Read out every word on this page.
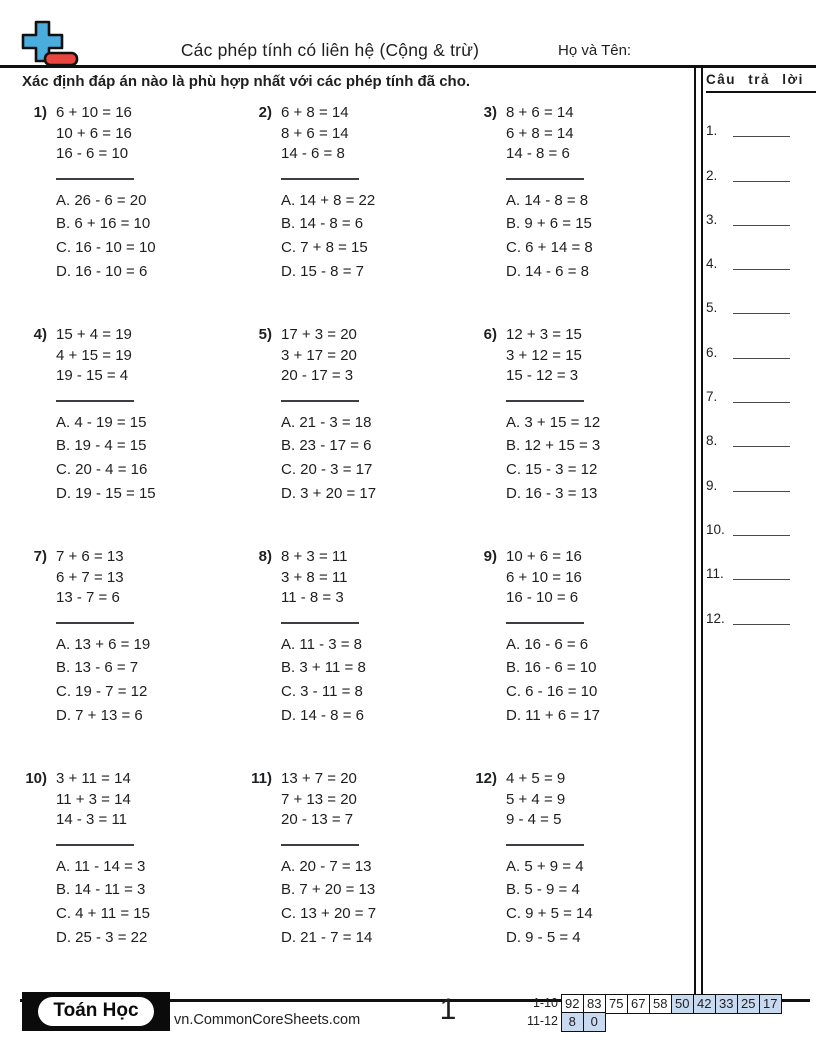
Các phép tính có liên hệ (Cộng & trừ)	Họ và Tên:
Xác định đáp án nào là phù hợp nhất với các phép tính đã cho.
1) 6 + 10 = 16
10 + 6 = 16
16 - 6 = 10
A. 26 - 6 = 20
B. 6 + 16 = 10
C. 16 - 10 = 10
D. 16 - 10 = 6
2) 6 + 8 = 14
8 + 6 = 14
14 - 6 = 8
A. 14 + 8 = 22
B. 14 - 8 = 6
C. 7 + 8 = 15
D. 15 - 8 = 7
3) 8 + 6 = 14
6 + 8 = 14
14 - 8 = 6
A. 14 - 8 = 8
B. 9 + 6 = 15
C. 6 + 14 = 8
D. 14 - 6 = 8
4) 15 + 4 = 19
4 + 15 = 19
19 - 15 = 4
A. 4 - 19 = 15
B. 19 - 4 = 15
C. 20 - 4 = 16
D. 19 - 15 = 15
5) 17 + 3 = 20
3 + 17 = 20
20 - 17 = 3
A. 21 - 3 = 18
B. 23 - 17 = 6
C. 20 - 3 = 17
D. 3 + 20 = 17
6) 12 + 3 = 15
3 + 12 = 15
15 - 12 = 3
A. 3 + 15 = 12
B. 12 + 15 = 3
C. 15 - 3 = 12
D. 16 - 3 = 13
7) 7 + 6 = 13
6 + 7 = 13
13 - 7 = 6
A. 13 + 6 = 19
B. 13 - 6 = 7
C. 19 - 7 = 12
D. 7 + 13 = 6
8) 8 + 3 = 11
3 + 8 = 11
11 - 8 = 3
A. 11 - 3 = 8
B. 3 + 11 = 8
C. 3 - 11 = 8
D. 14 - 8 = 6
9) 10 + 6 = 16
6 + 10 = 16
16 - 10 = 6
A. 16 - 6 = 6
B. 16 - 6 = 10
C. 6 - 16 = 10
D. 11 + 6 = 17
10) 3 + 11 = 14
11 + 3 = 14
14 - 3 = 11
A. 11 - 14 = 3
B. 14 - 11 = 3
C. 4 + 11 = 15
D. 25 - 3 = 22
11) 13 + 7 = 20
7 + 13 = 20
20 - 13 = 7
A. 20 - 7 = 13
B. 7 + 20 = 13
C. 13 + 20 = 7
D. 21 - 7 = 14
12) 4 + 5 = 9
5 + 4 = 9
9 - 4 = 5
A. 5 + 9 = 4
B. 5 - 9 = 4
C. 9 + 5 = 14
D. 9 - 5 = 4
Câu trả lời
1.
2.
3.
4.
5.
6.
7.
8.
9.
10.
11.
12.
Toán Học	vn.CommonCoreSheets.com	1	1-10 92 83 75 67 58 50 42 33 25 17
11-12 8	0
